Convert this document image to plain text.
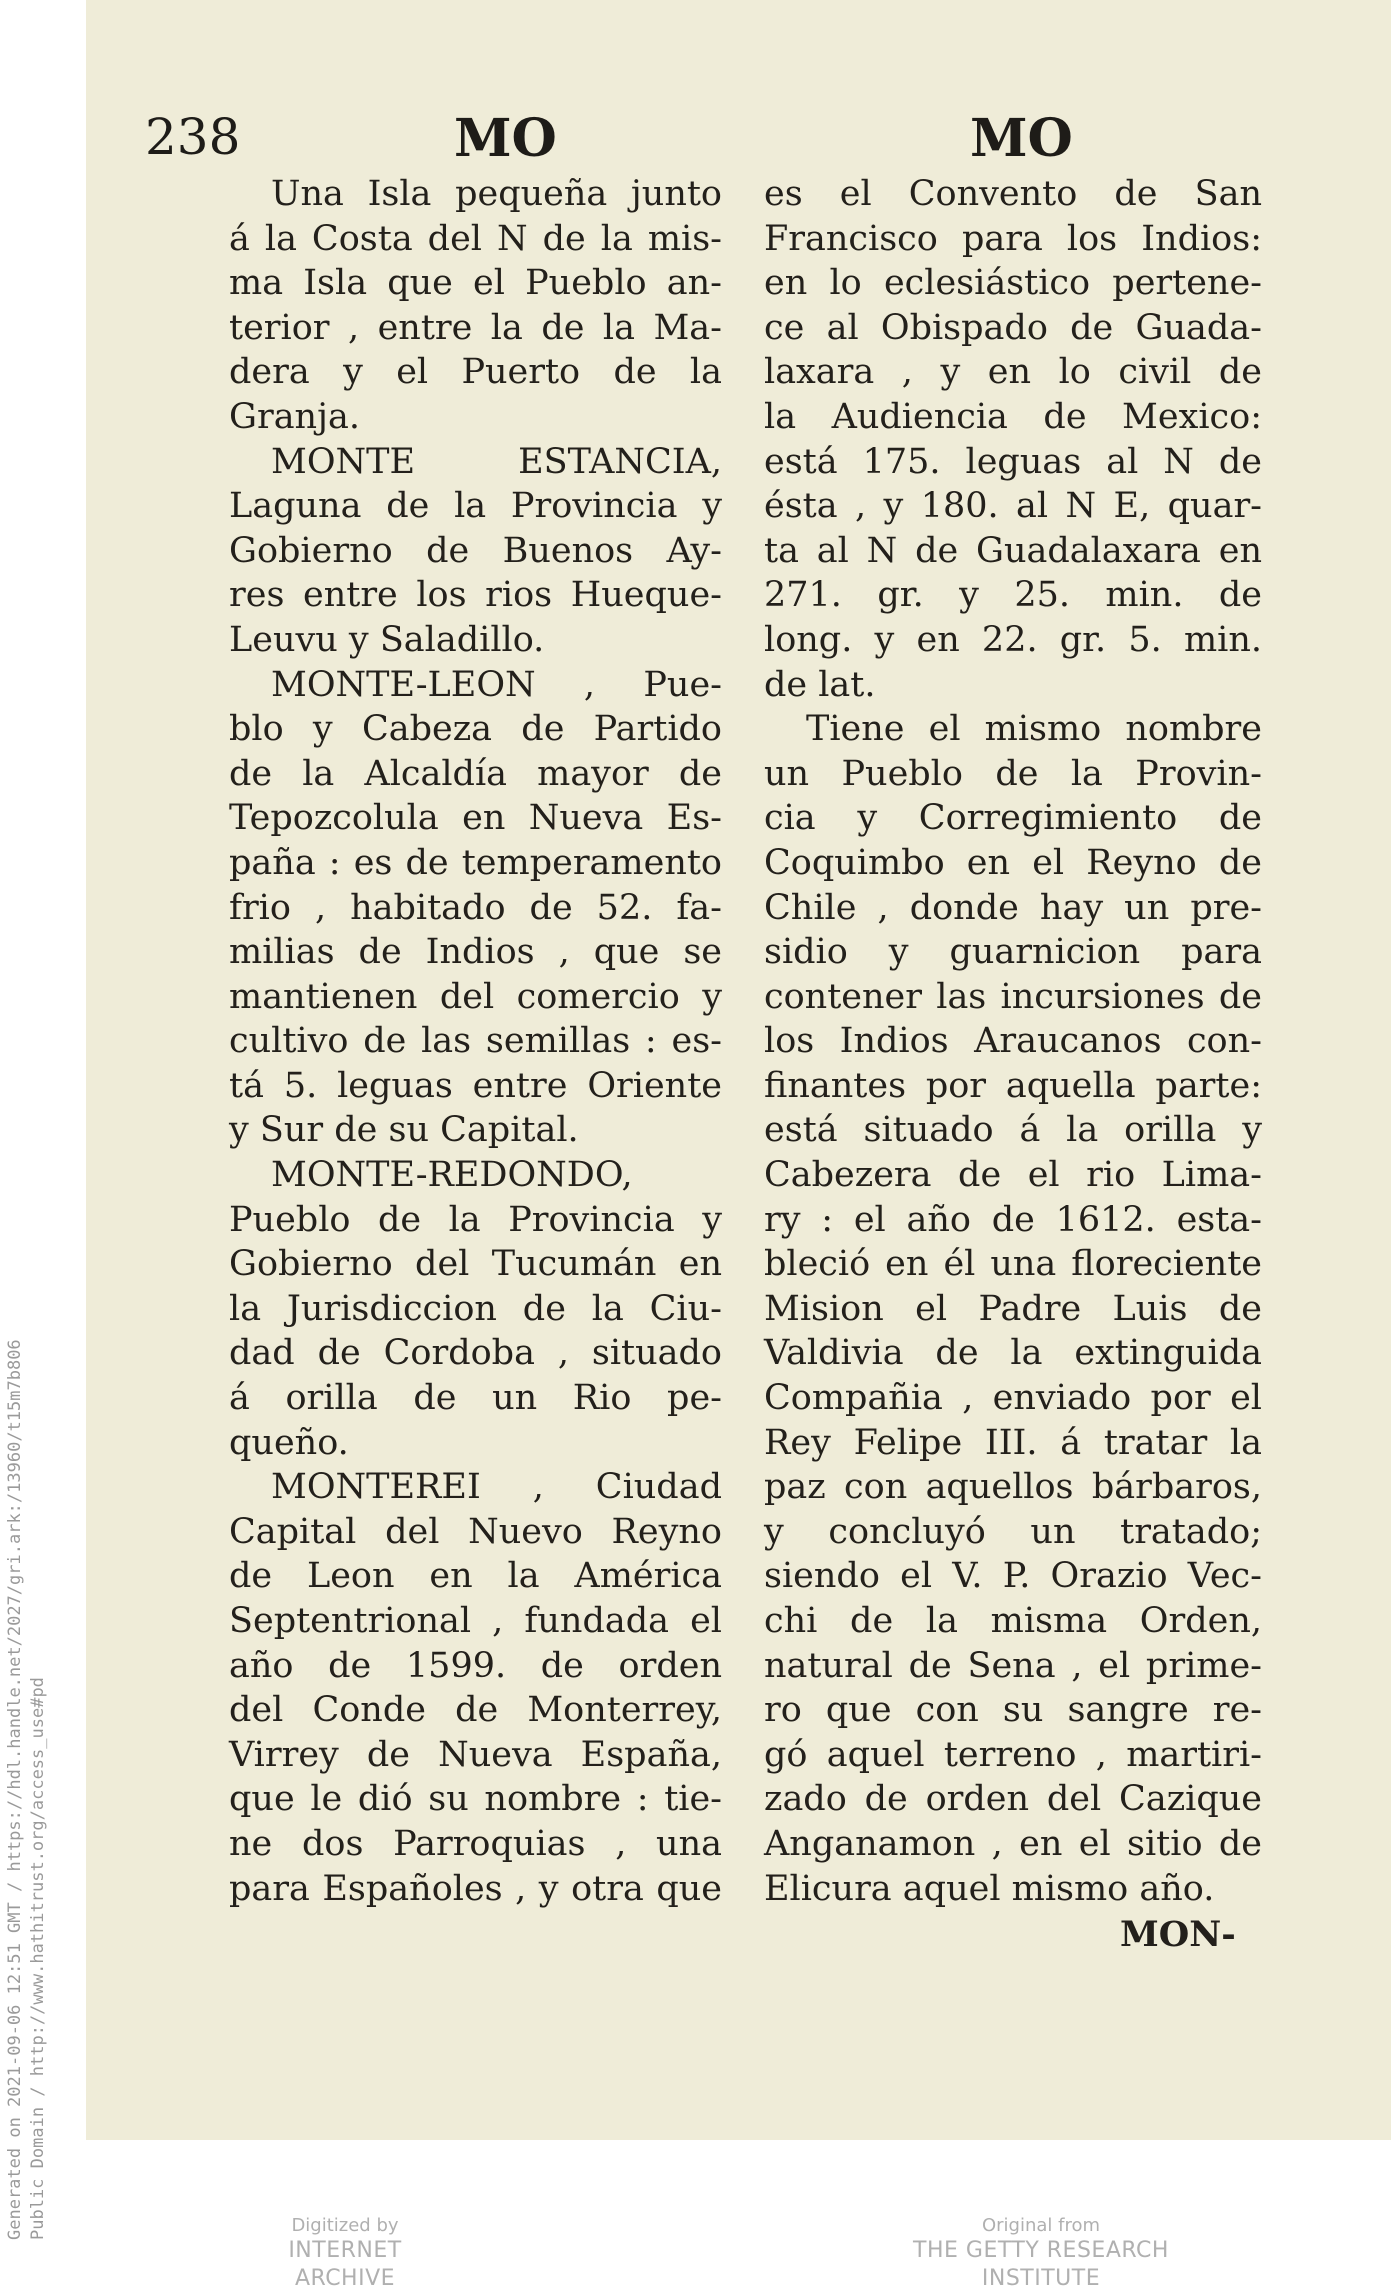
Generated on 2021-09-06 12:51 GMT / https://hdl.handle.net/2027/gri.ark:/13960/t15m7b806 Public Domain / http://www.hathitrust.org/access_use#pd
238	MO	MO
Una Isla pequeña junto
á la Costa del N de la mis-
ma Isla que el Pueblo an-
terior , entre la de la Ma-
dera y el Puerto de la
Granja.
MONTE ESTANCIA,
Laguna de la Provincia y
Gobierno de Buenos Ay-
res entre los rios Hueque-
Leuvu y Saladillo.
MONTE-LEON , Pue-
blo y Cabeza de Partido
de la Alcaldía mayor de
Tepozcolula en Nueva Es-
paña : es de temperamento
frio , habitado de 52. fa-
milias de Indios , que se
mantienen del comercio y
cultivo de las semillas : es-
tá 5. leguas entre Oriente
y Sur de su Capital.
MONTE-REDONDO,
Pueblo de la Provincia y
Gobierno del Tucumán en
la Jurisdiccion de la Ciu-
dad de Cordoba , situado
á orilla de un Rio pe-
queño.
MONTEREI , Ciudad
Capital del Nuevo Reyno
de Leon en la América
Septentrional , fundada el
año de 1599. de orden
del Conde de Monterrey,
Virrey de Nueva España,
que le dió su nombre : tie-
ne dos Parroquias , una
para Españoles , y otra que
es el Convento de San
Francisco para los Indios:
en lo eclesiástico pertene-
ce al Obispado de Guada-
laxara , y en lo civil de
la Audiencia de Mexico:
está 175. leguas al N de
ésta , y 180. al N E, quar-
ta al N de Guadalaxara en
271. gr. y 25. min. de
long. y en 22. gr. 5. min.
de lat.
Tiene el mismo nombre
un Pueblo de la Provin-
cia y Corregimiento de
Coquimbo en el Reyno de
Chile , donde hay un pre-
sidio y guarnicion para
contener las incursiones de
los Indios Araucanos con-
finantes por aquella parte:
está situado á la orilla y
Cabezera de el rio Lima-
ry : el año de 1612. esta-
bleció en él una floreciente
Mision el Padre Luis de
Valdivia de la extinguida
Compañia , enviado por el
Rey Felipe III. á tratar la
paz con aquellos bárbaros,
y concluyó un tratado;
siendo el V. P. Orazio Vec-
chi de la misma Orden,
natural de Sena , el prime-
ro que con su sangre re-
gó aquel terreno , martiri-
zado de orden del Cazique
Anganamon , en el sitio de
Elicura aquel mismo año.
MON-
Digitized by
INTERNET ARCHIVE
Original from
THE GETTY RESEARCH INSTITUTE
